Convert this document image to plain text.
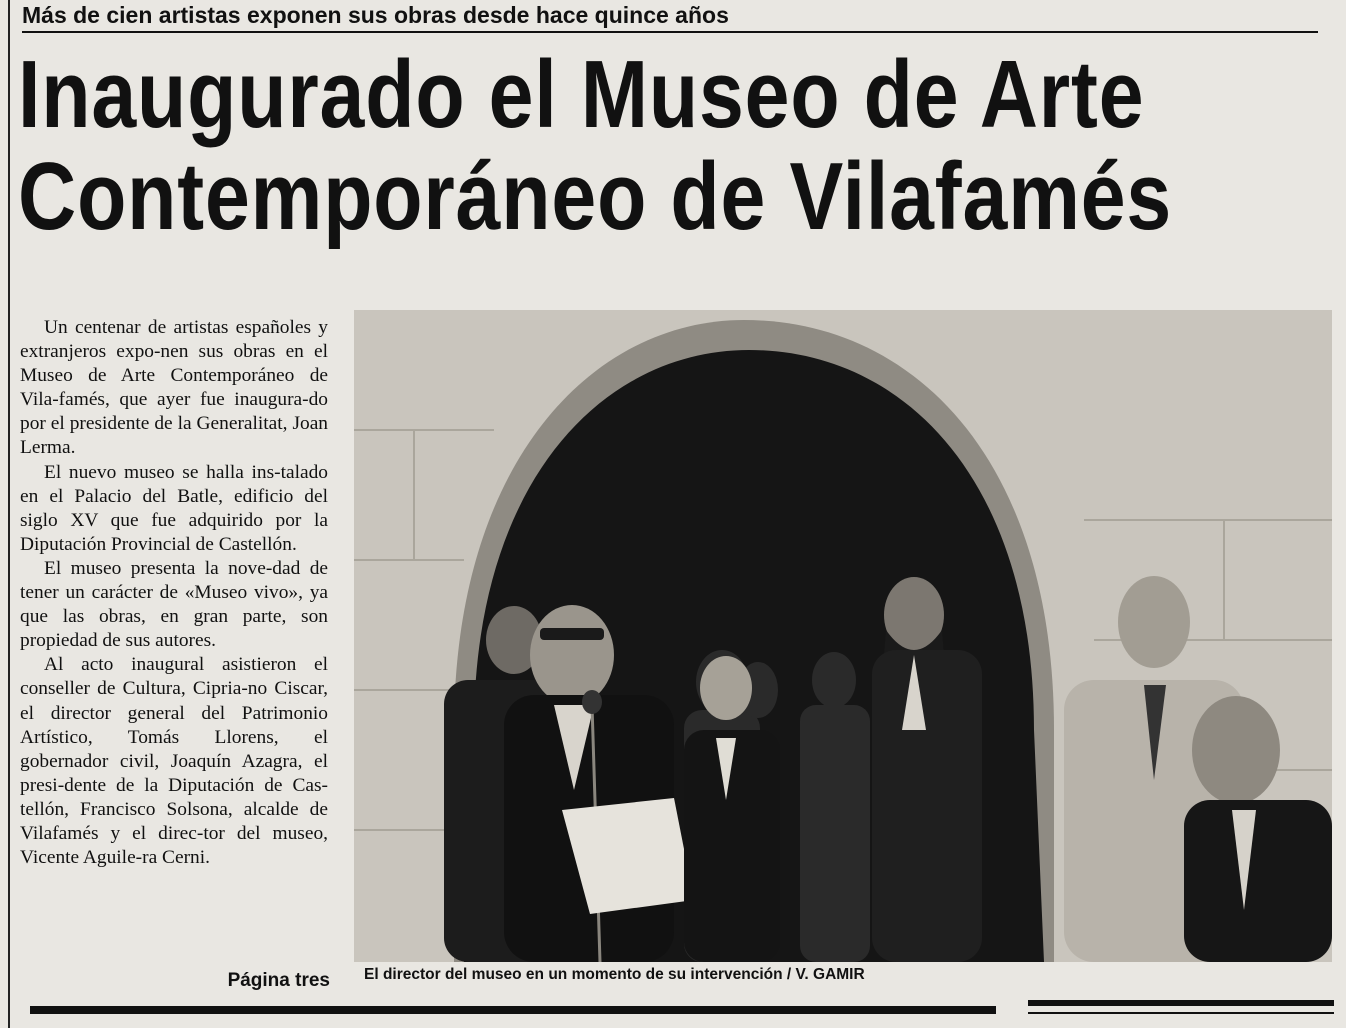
Más de cien artistas exponen sus obras desde hace quince años
Inaugurado el Museo de Arte
Contemporáneo de Vilafamés

Un centenar de artistas españoles y extranjeros expo-nen sus obras en el Museo de Arte Contemporáneo de Vila-famés, que ayer fue inaugura-do por el presidente de la Generalitat, Joan Lerma.

El nuevo museo se halla ins-talado en el Palacio del Batle, edificio del siglo XV que fue adquirido por la Diputación Provincial de Castellón.

El museo presenta la nove-dad de tener un carácter de «Museo vivo», ya que las obras, en gran parte, son propiedad de sus autores.

Al acto inaugural asistieron el conseller de Cultura, Cipria-no Ciscar, el director general del Patrimonio Artístico, Tomás Llorens, el gobernador civil, Joaquín Azagra, el presi-dente de la Diputación de Cas-tellón, Francisco Solsona, alcalde de Vilafamés y el direc-tor del museo, Vicente Aguile-ra Cerni.

Página tres El director del museo en un momento de su intervención / V. GAMIR
